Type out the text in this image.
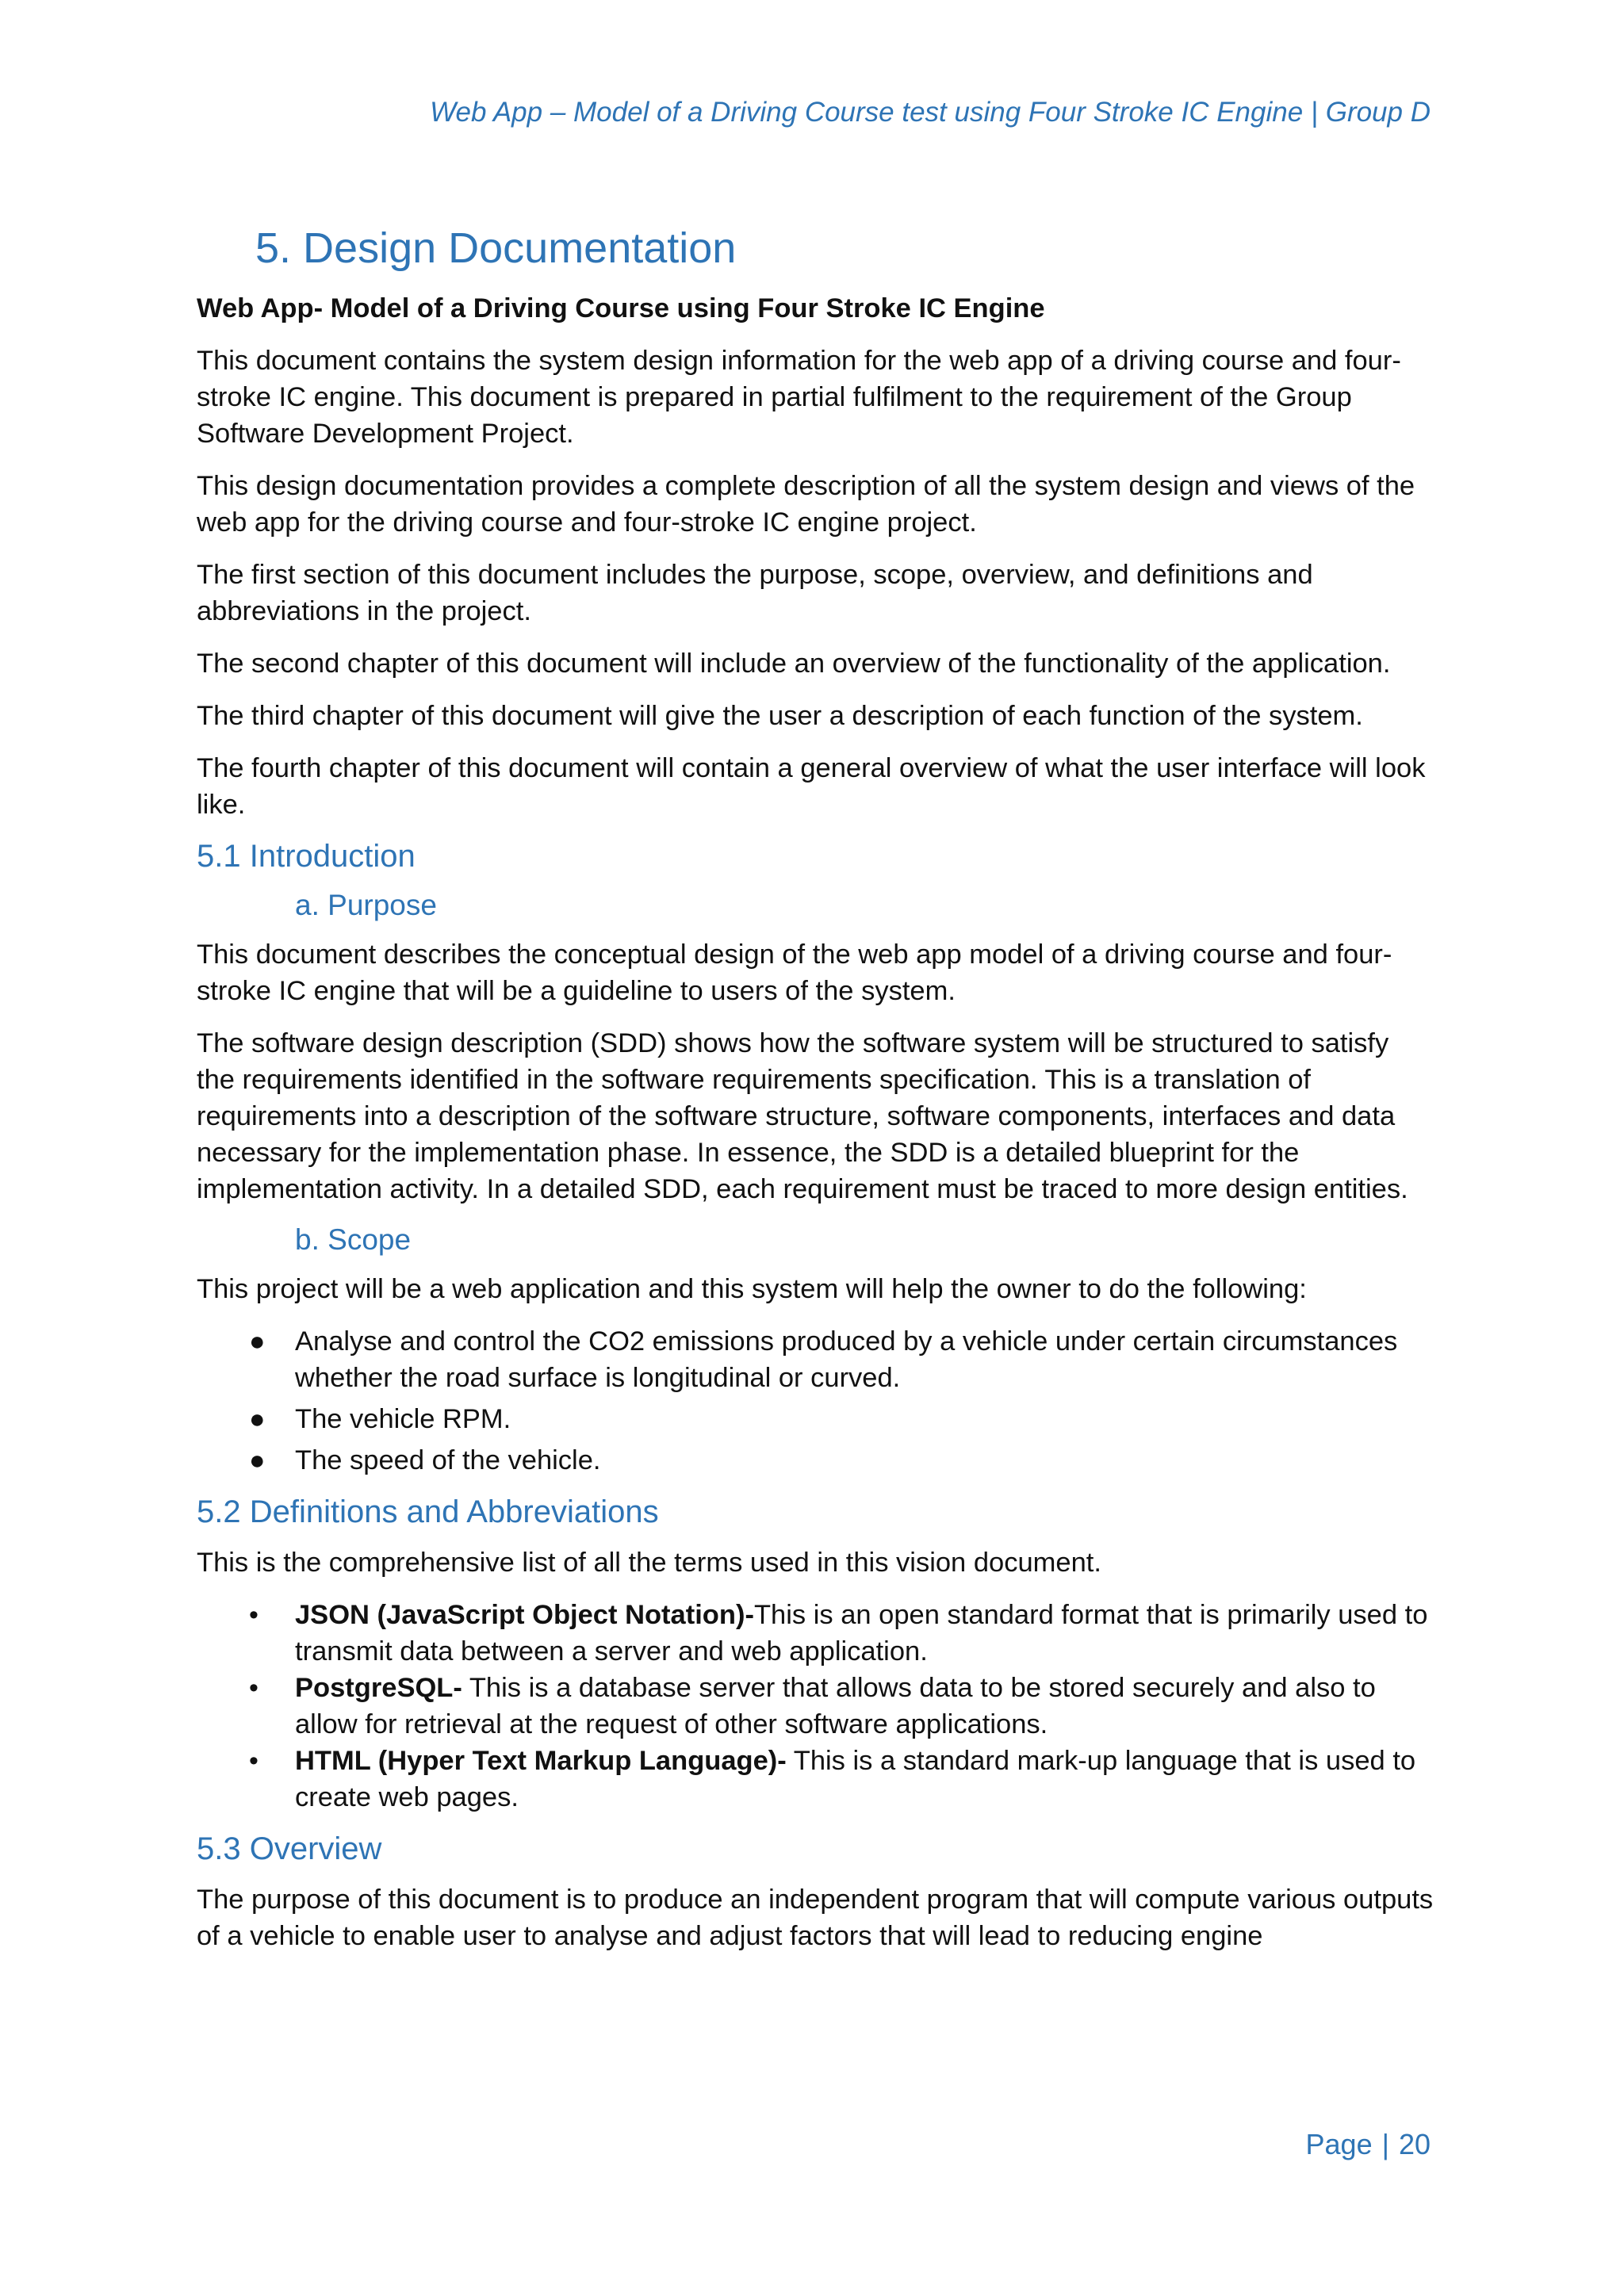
Web App – Model of a Driving Course test using Four Stroke IC Engine | Group D
5. Design Documentation

Web App- Model of a Driving Course using Four Stroke IC Engine

This document contains the system design information for the web app of a driving course and four-stroke IC engine. This document is prepared in partial fulfilment to the requirement of the Group Software Development Project.

This design documentation provides a complete description of all the system design and views of the web app for the driving course and four-stroke IC engine project.

The first section of this document includes the purpose, scope, overview, and definitions and abbreviations in the project.

The second chapter of this document will include an overview of the functionality of the application.

The third chapter of this document will give the user a description of each function of the system.

The fourth chapter of this document will contain a general overview of what the user interface will look like.

5.1 Introduction
a. Purpose

This document describes the conceptual design of the web app model of a driving course and four-stroke IC engine that will be a guideline to users of the system.

The software design description (SDD) shows how the software system will be structured to satisfy the requirements identified in the software requirements specification. This is a translation of requirements into a description of the software structure, software components, interfaces and data necessary for the implementation phase. In essence, the SDD is a detailed blueprint for the implementation activity. In a detailed SDD, each requirement must be traced to more design entities.

b. Scope

This project will be a web application and this system will help the owner to do the following:

● Analyse and control the CO2 emissions produced by a vehicle under certain circumstances whether the road surface is longitudinal or curved.
● The vehicle RPM.
● The speed of the vehicle.
5.2 Definitions and Abbreviations

This is the comprehensive list of all the terms used in this vision document.

• JSON (JavaScript Object Notation)-This is an open standard format that is primarily used to transmit data between a server and web application.
• PostgreSQL- This is a database server that allows data to be stored securely and also to allow for retrieval at the request of other software applications.
• HTML (Hyper Text Markup Language)- This is a standard mark-up language that is used to create web pages.
5.3 Overview

The purpose of this document is to produce an independent program that will compute various outputs of a vehicle to enable user to analyse and adjust factors that will lead to reducing engine

Page | 20
